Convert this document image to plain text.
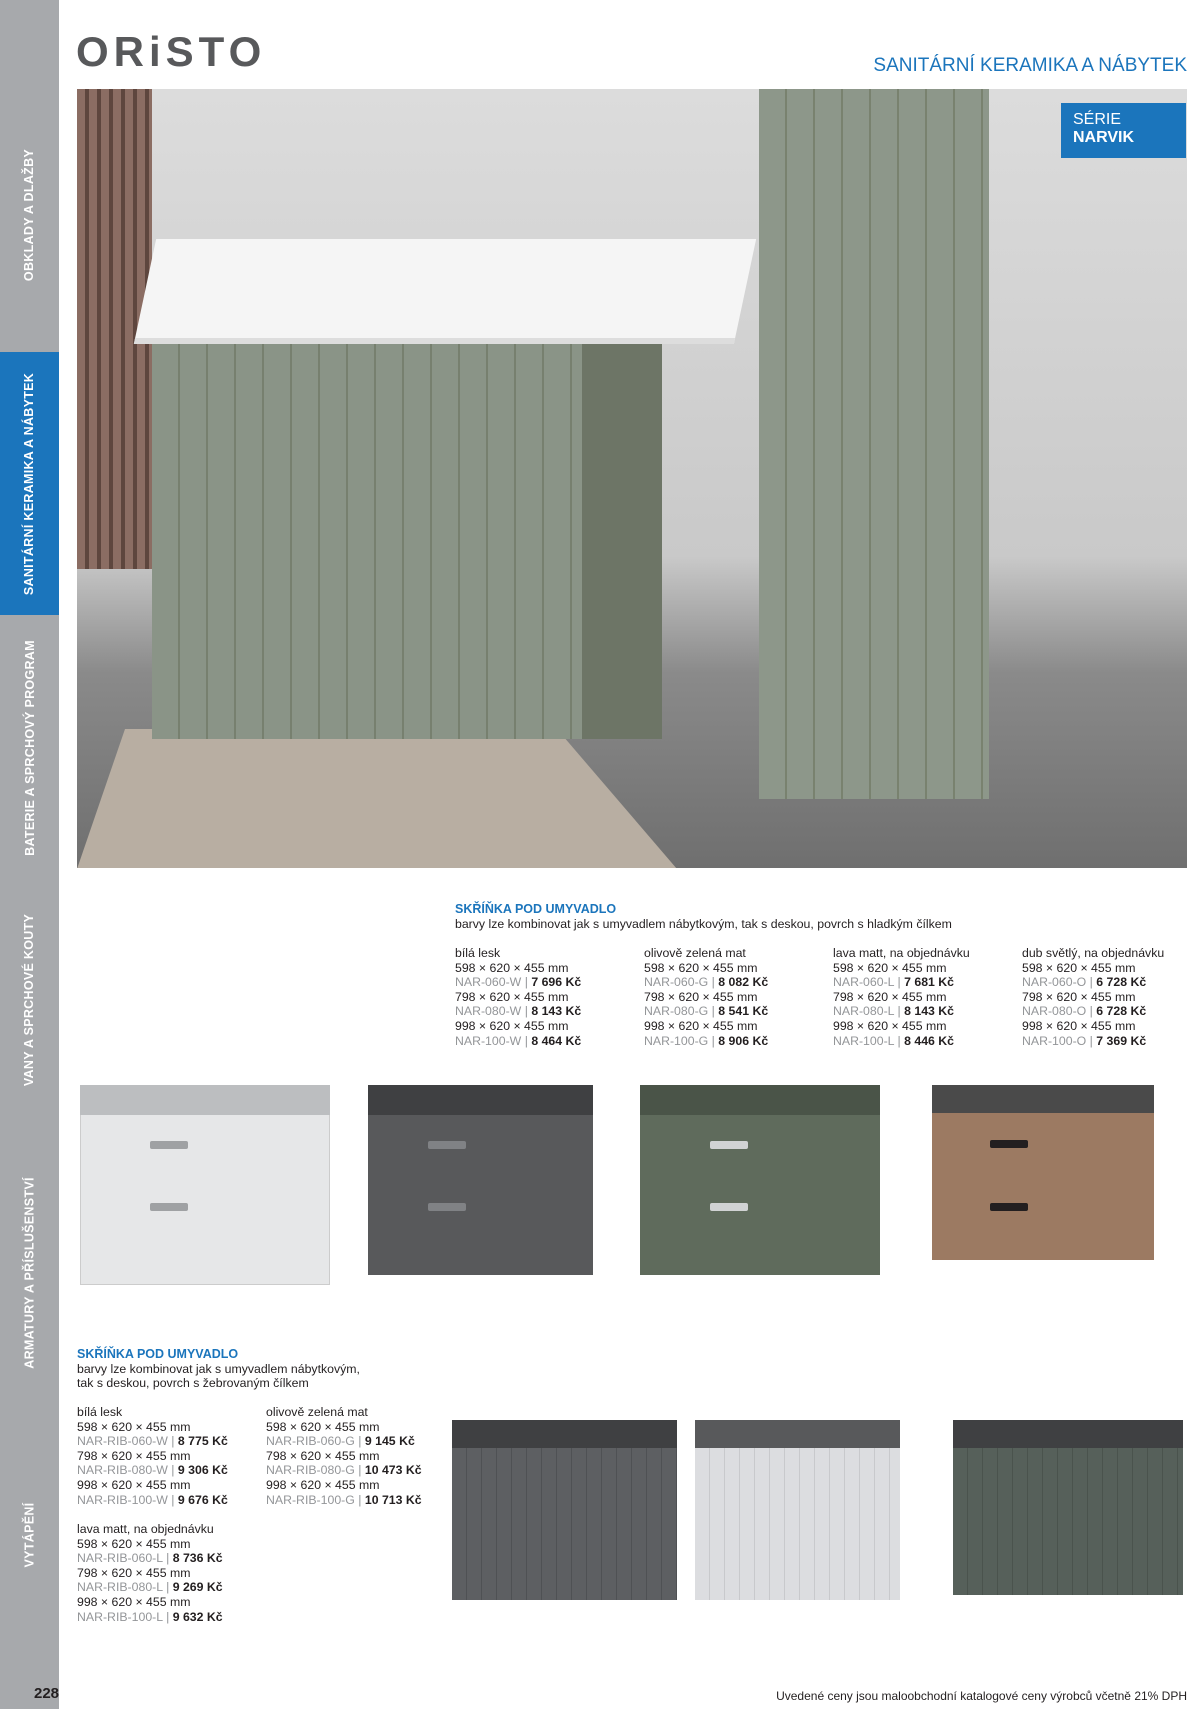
OBKLADY A DLAŽBY
SANITÁRNÍ KERAMIKA A NÁBYTEK
BATERIE A SPRCHOVÝ PROGRAM
VANY A SPRCHOVÉ KOUTY
ARMATURY A PŘÍSLUŠENSTVÍ
VYTÁPĚNÍ
ORiSTO	SANITÁRNÍ KERAMIKA A NÁBYTEK
SÉRIE
NARVIK
SKŘÍŇKA POD UMYVADLO
barvy lze kombinovat jak s umyvadlem nábytkovým, tak s deskou, povrch s hladkým čílkem
bílá lesk
598 × 620 × 455 mm
NAR-060-W | 7 696 Kč
798 × 620 × 455 mm
NAR-080-W | 8 143 Kč
998 × 620 × 455 mm
NAR-100-W | 8 464 Kč
olivově zelená mat
598 × 620 × 455 mm
NAR-060-G | 8 082 Kč
798 × 620 × 455 mm
NAR-080-G | 8 541 Kč
998 × 620 × 455 mm
NAR-100-G | 8 906 Kč
lava matt, na objednávku
598 × 620 × 455 mm
NAR-060-L | 7 681 Kč
798 × 620 × 455 mm
NAR-080-L | 8 143 Kč
998 × 620 × 455 mm
NAR-100-L | 8 446 Kč
dub světlý, na objednávku
598 × 620 × 455 mm
NAR-060-O | 6 728 Kč
798 × 620 × 455 mm
NAR-080-O | 6 728 Kč
998 × 620 × 455 mm
NAR-100-O | 7 369 Kč
SKŘÍŇKA POD UMYVADLO
barvy lze kombinovat jak s umyvadlem nábytkovým,
tak s deskou, povrch s žebrovaným čílkem
bílá lesk
598 × 620 × 455 mm
NAR-RIB-060-W | 8 775 Kč
798 × 620 × 455 mm
NAR-RIB-080-W | 9 306 Kč
998 × 620 × 455 mm
NAR-RIB-100-W | 9 676 Kč
olivově zelená mat
598 × 620 × 455 mm
NAR-RIB-060-G | 9 145 Kč
798 × 620 × 455 mm
NAR-RIB-080-G | 10 473 Kč
998 × 620 × 455 mm
NAR-RIB-100-G | 10 713 Kč
lava matt, na objednávku
598 × 620 × 455 mm
NAR-RIB-060-L | 8 736 Kč
798 × 620 × 455 mm
NAR-RIB-080-L | 9 269 Kč
998 × 620 × 455 mm
NAR-RIB-100-L | 9 632 Kč
228	Uvedené ceny jsou maloobchodní katalogové ceny výrobců včetně 21% DPH
